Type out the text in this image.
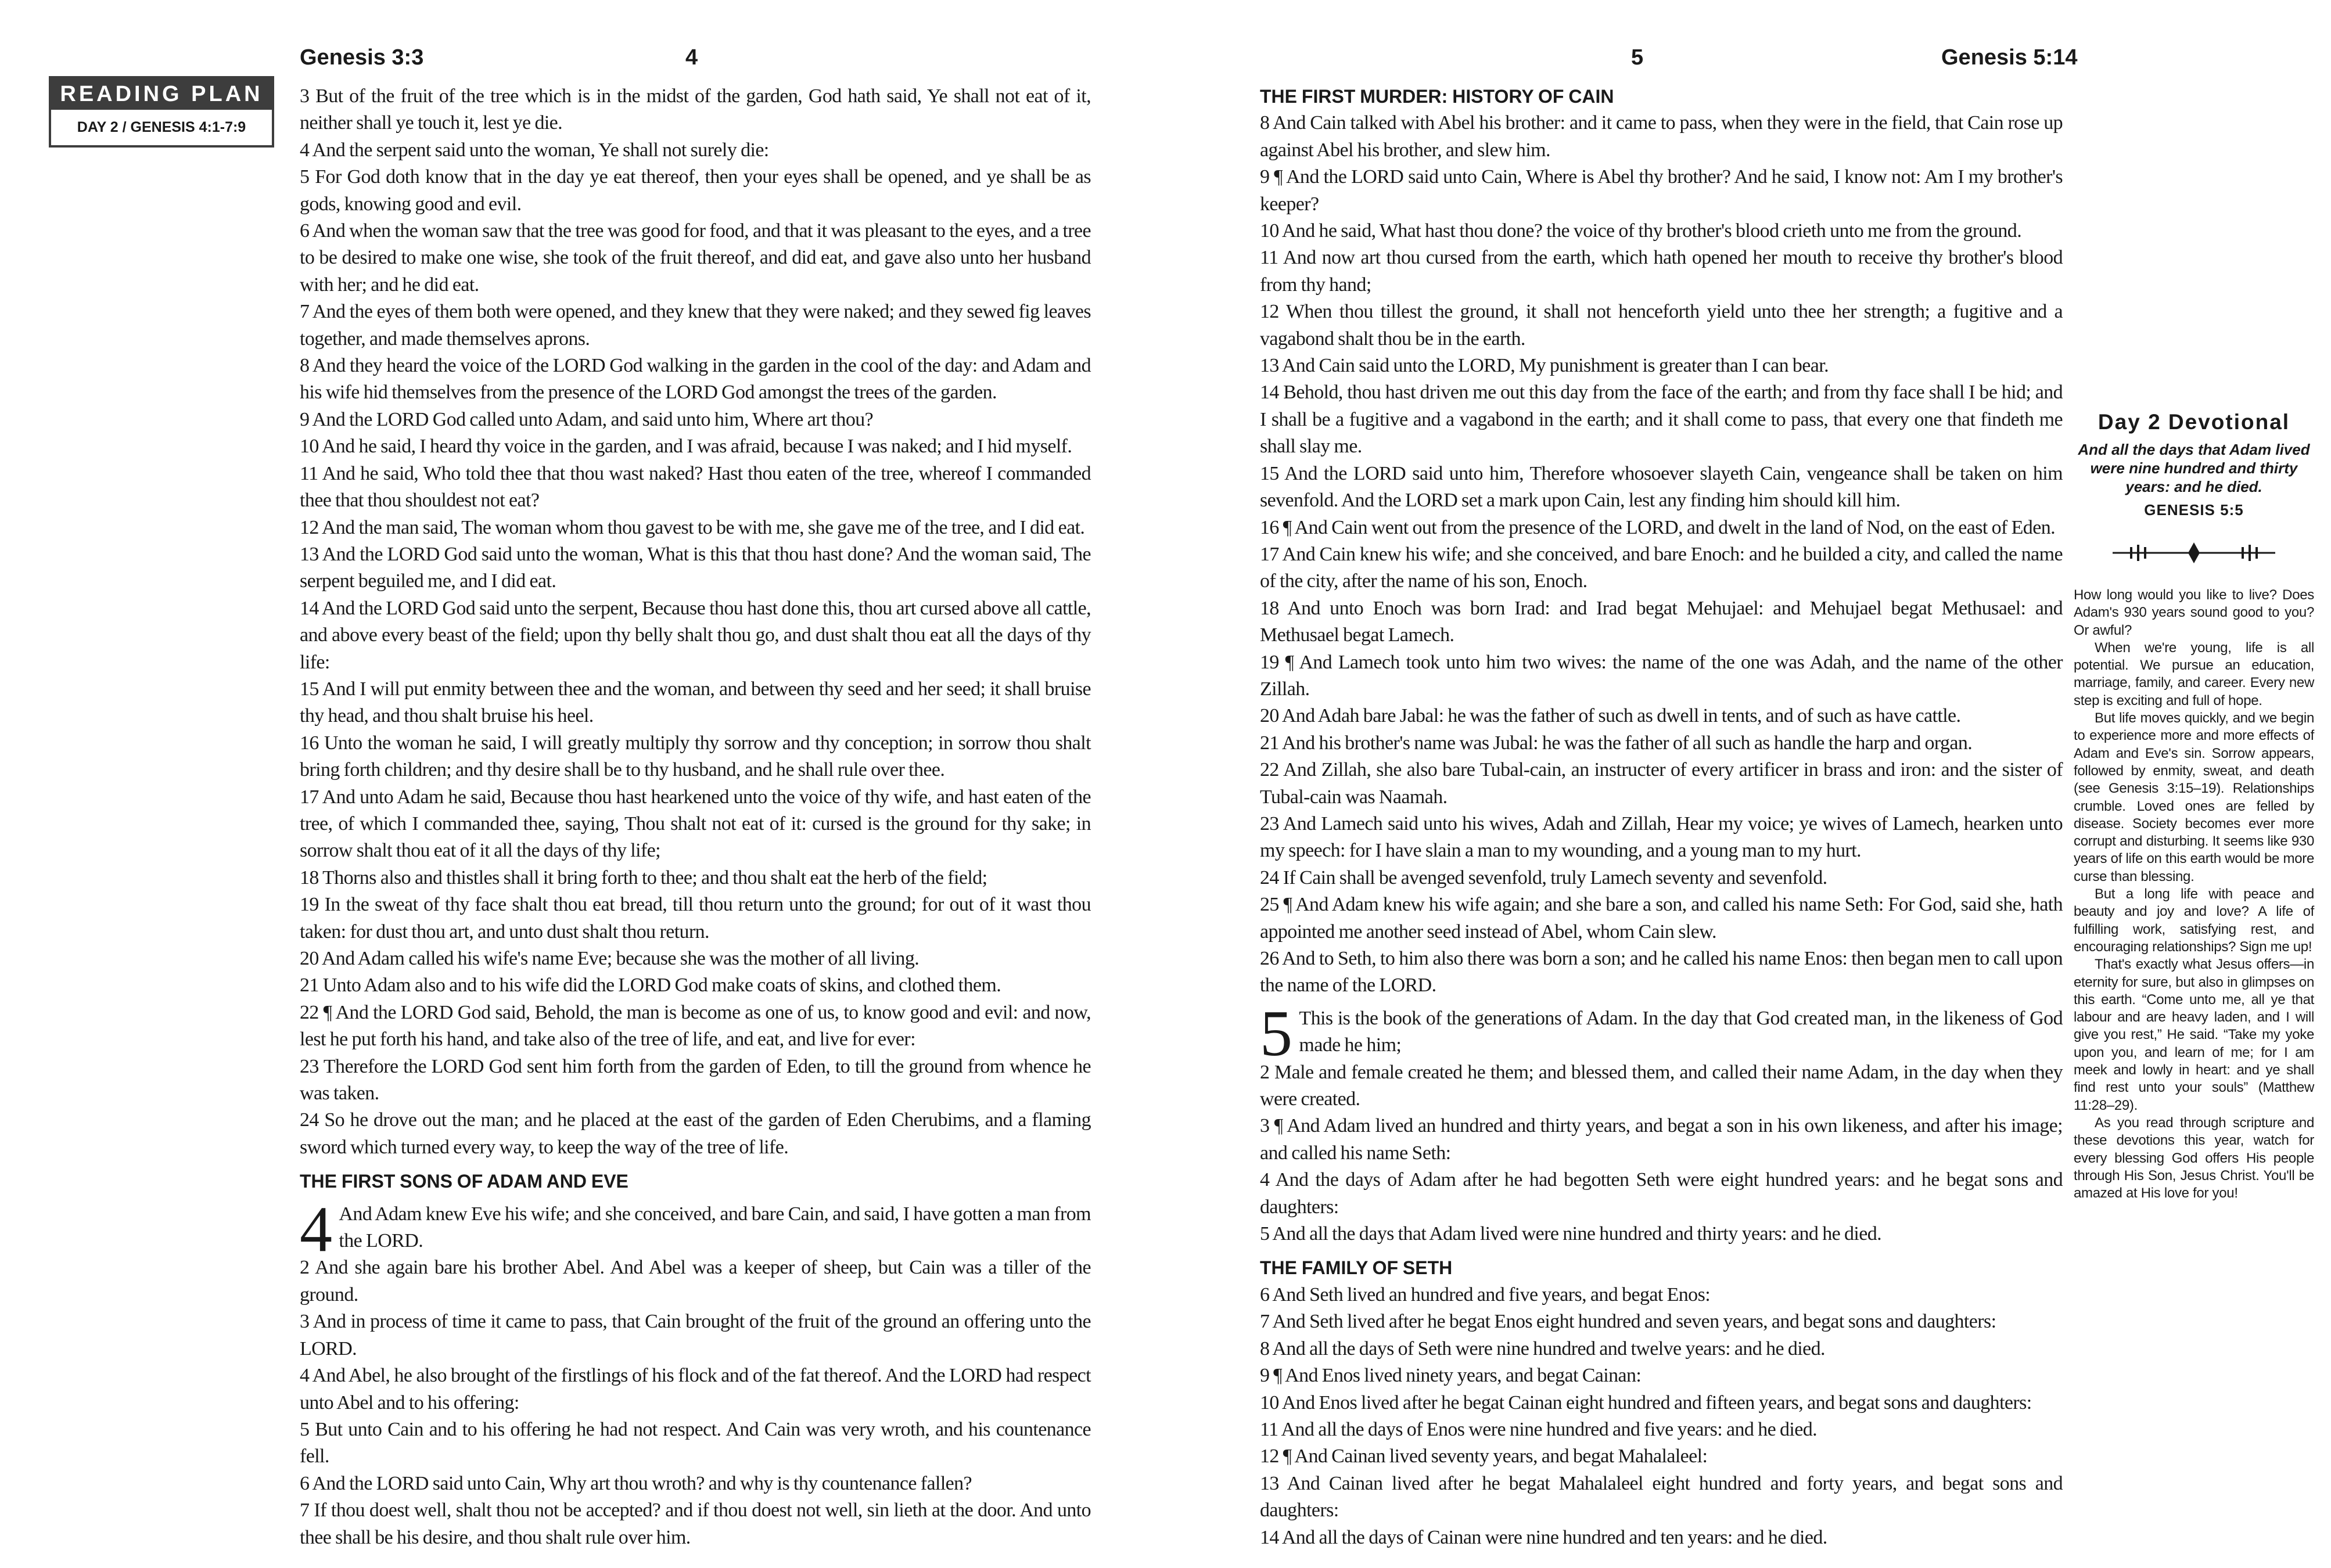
Genesis 3:3	4
READING PLAN
DAY 2 / GENESIS 4:1-7:9

3 But of the fruit of the tree which is in the midst of the garden, God hath said, Ye shall not eat of it, neither shall ye touch it, lest ye die.

4 And the serpent said unto the woman, Ye shall not surely die:

5 For God doth know that in the day ye eat thereof, then your eyes shall be opened, and ye shall be as gods, knowing good and evil.

6 And when the woman saw that the tree was good for food, and that it was pleasant to the eyes, and a tree to be desired to make one wise, she took of the fruit thereof, and did eat, and gave also unto her husband with her; and he did eat.

7 And the eyes of them both were opened, and they knew that they were naked; and they sewed fig leaves together, and made themselves aprons.

8 And they heard the voice of the LORD God walking in the garden in the cool of the day: and Adam and his wife hid themselves from the presence of the LORD God amongst the trees of the garden.

9 And the LORD God called unto Adam, and said unto him, Where art thou?

10 And he said, I heard thy voice in the garden, and I was afraid, because I was naked; and I hid myself.

11 And he said, Who told thee that thou wast naked? Hast thou eaten of the tree, whereof I commanded thee that thou shouldest not eat?

12 And the man said, The woman whom thou gavest to be with me, she gave me of the tree, and I did eat.

13 And the LORD God said unto the woman, What is this that thou hast done? And the woman said, The serpent beguiled me, and I did eat.

14 And the LORD God said unto the serpent, Because thou hast done this, thou art cursed above all cattle, and above every beast of the field; upon thy belly shalt thou go, and dust shalt thou eat all the days of thy life:

15 And I will put enmity between thee and the woman, and between thy seed and her seed; it shall bruise thy head, and thou shalt bruise his heel.

16 Unto the woman he said, I will greatly multiply thy sorrow and thy conception; in sorrow thou shalt bring forth children; and thy desire shall be to thy husband, and he shall rule over thee.

17 And unto Adam he said, Because thou hast hearkened unto the voice of thy wife, and hast eaten of the tree, of which I commanded thee, saying, Thou shalt not eat of it: cursed is the ground for thy sake; in sorrow shalt thou eat of it all the days of thy life;

18 Thorns also and thistles shall it bring forth to thee; and thou shalt eat the herb of the field;

19 In the sweat of thy face shalt thou eat bread, till thou return unto the ground; for out of it wast thou taken: for dust thou art, and unto dust shalt thou return.

20 And Adam called his wife's name Eve; because she was the mother of all living.

21 Unto Adam also and to his wife did the LORD God make coats of skins, and clothed them.

22 ¶ And the LORD God said, Behold, the man is become as one of us, to know good and evil: and now, lest he put forth his hand, and take also of the tree of life, and eat, and live for ever:

23 Therefore the LORD God sent him forth from the garden of Eden, to till the ground from whence he was taken.

24 So he drove out the man; and he placed at the east of the garden of Eden Cherubims, and a flaming sword which turned every way, to keep the way of the tree of life.

THE FIRST SONS OF ADAM AND EVE
4 And Adam knew Eve his wife; and she conceived, and bare Cain, and said, I have gotten a man from the LORD.

2 And she again bare his brother Abel. And Abel was a keeper of sheep, but Cain was a tiller of the ground.

3 And in process of time it came to pass, that Cain brought of the fruit of the ground an offering unto the LORD.

4 And Abel, he also brought of the firstlings of his flock and of the fat thereof. And the LORD had respect unto Abel and to his offering:

5 But unto Cain and to his offering he had not respect. And Cain was very wroth, and his countenance fell.

6 And the LORD said unto Cain, Why art thou wroth? and why is thy countenance fallen?

7 If thou doest well, shalt thou not be accepted? and if thou doest not well, sin lieth at the door. And unto thee shall be his desire, and thou shalt rule over him.

5	Genesis 5:14
THE FIRST MURDER: HISTORY OF CAIN

8 And Cain talked with Abel his brother: and it came to pass, when they were in the field, that Cain rose up against Abel his brother, and slew him.

9 ¶ And the LORD said unto Cain, Where is Abel thy brother? And he said, I know not: Am I my brother's keeper?

10 And he said, What hast thou done? the voice of thy brother's blood crieth unto me from the ground.

11 And now art thou cursed from the earth, which hath opened her mouth to receive thy brother's blood from thy hand;

12 When thou tillest the ground, it shall not henceforth yield unto thee her strength; a fugitive and a vagabond shalt thou be in the earth.

13 And Cain said unto the LORD, My punishment is greater than I can bear.

14 Behold, thou hast driven me out this day from the face of the earth; and from thy face shall I be hid; and I shall be a fugitive and a vagabond in the earth; and it shall come to pass, that every one that findeth me shall slay me.

15 And the LORD said unto him, Therefore whosoever slayeth Cain, vengeance shall be taken on him sevenfold. And the LORD set a mark upon Cain, lest any finding him should kill him.

16 ¶ And Cain went out from the presence of the LORD, and dwelt in the land of Nod, on the east of Eden.

17 And Cain knew his wife; and she conceived, and bare Enoch: and he builded a city, and called the name of the city, after the name of his son, Enoch.

18 And unto Enoch was born Irad: and Irad begat Mehujael: and Mehujael begat Methusael: and Methusael begat Lamech.

19 ¶ And Lamech took unto him two wives: the name of the one was Adah, and the name of the other Zillah.

20 And Adah bare Jabal: he was the father of such as dwell in tents, and of such as have cattle.

21 And his brother's name was Jubal: he was the father of all such as handle the harp and organ.

22 And Zillah, she also bare Tubal-cain, an instructer of every artificer in brass and iron: and the sister of Tubal-cain was Naamah.

23 And Lamech said unto his wives, Adah and Zillah, Hear my voice; ye wives of Lamech, hearken unto my speech: for I have slain a man to my wounding, and a young man to my hurt.

24 If Cain shall be avenged sevenfold, truly Lamech seventy and sevenfold.

25 ¶ And Adam knew his wife again; and she bare a son, and called his name Seth: For God, said she, hath appointed me another seed instead of Abel, whom Cain slew.

26 And to Seth, to him also there was born a son; and he called his name Enos: then began men to call upon the name of the LORD.

5 This is the book of the generations of Adam. In the day that God created man, in the likeness of God made he him;

2 Male and female created he them; and blessed them, and called their name Adam, in the day when they were created.

3 ¶ And Adam lived an hundred and thirty years, and begat a son in his own likeness, and after his image; and called his name Seth:

4 And the days of Adam after he had begotten Seth were eight hundred years: and he begat sons and daughters:

5 And all the days that Adam lived were nine hundred and thirty years: and he died.

THE FAMILY OF SETH

6 And Seth lived an hundred and five years, and begat Enos:

7 And Seth lived after he begat Enos eight hundred and seven years, and begat sons and daughters:

8 And all the days of Seth were nine hundred and twelve years: and he died.

9 ¶ And Enos lived ninety years, and begat Cainan:

10 And Enos lived after he begat Cainan eight hundred and fifteen years, and begat sons and daughters:

11 And all the days of Enos were nine hundred and five years: and he died.

12 ¶ And Cainan lived seventy years, and begat Mahalaleel:

13 And Cainan lived after he begat Mahalaleel eight hundred and forty years, and begat sons and daughters:

14 And all the days of Cainan were nine hundred and ten years: and he died.

Day 2 Devotional
And all the days that Adam lived were nine hundred and thirty years: and he died.
GENESIS 5:5

How long would you like to live? Does Adam's 930 years sound good to you? Or awful?

When we're young, life is all potential. We pursue an education, marriage, family, and career. Every new step is exciting and full of hope.

But life moves quickly, and we begin to experience more and more effects of Adam and Eve's sin. Sorrow appears, followed by enmity, sweat, and death (see Genesis 3:15–19). Relationships crumble. Loved ones are felled by disease. Society becomes ever more corrupt and disturbing. It seems like 930 years of life on this earth would be more curse than blessing.

But a long life with peace and beauty and joy and love? A life of fulfilling work, satisfying rest, and encouraging relationships? Sign me up!

That's exactly what Jesus offers—in eternity for sure, but also in glimpses on this earth. “Come unto me, all ye that labour and are heavy laden, and I will give you rest,” He said. “Take my yoke upon you, and learn of me; for I am meek and lowly in heart: and ye shall find rest unto your souls” (Matthew 11:28–29).

As you read through scripture and these devotions this year, watch for every blessing God offers His people through His Son, Jesus Christ. You'll be amazed at His love for you!
